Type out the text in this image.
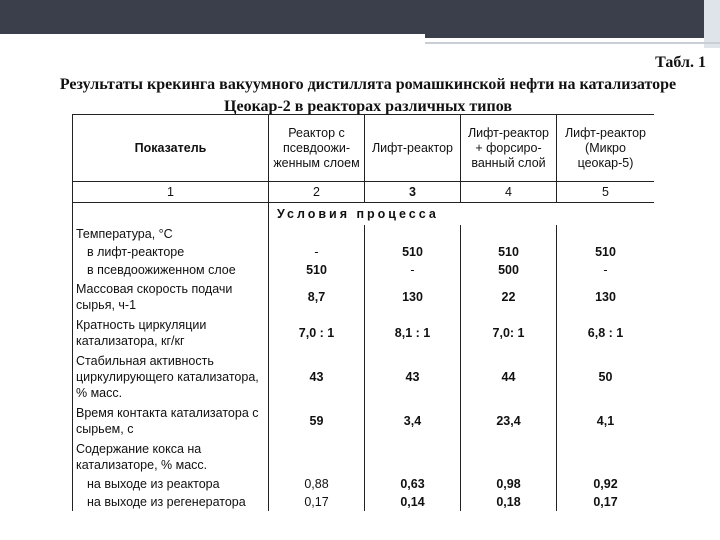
Табл. 1
Результаты крекинга вакуумного дистиллята ромашкинской нефти на катализаторе Цеокар-2 в реакторах различных типов
Показатель	Реактор с псевдоожи- женным слоем	Лифт-реактор	Лифт-реактор + форсиро- ванный слой	Лифт-реактор (Микро цеокар-5)
1	2	3	4	5
	Условия процесса			
Температура, °С				
в лифт-реакторе	-	510	510	510
в псевдоожиженном слое	510	-	500	-
Массовая скорость подачи сырья, ч-1	8,7	130	22	130
Кратность циркуляции катализатора, кг/кг	7,0 : 1	8,1 : 1	7,0: 1	6,8 : 1
Стабильная активность циркулирующего катализатора, % масс.	43	43	44	50
Время контакта катализатора с сырьем, с	59	3,4	23,4	4,1
Содержание кокса на катализаторе, % масс.				
на выходе из реактора	0,88	0,63	0,98	0,92
на выходе из регенератора	0,17	0,14	0,18	0,17
